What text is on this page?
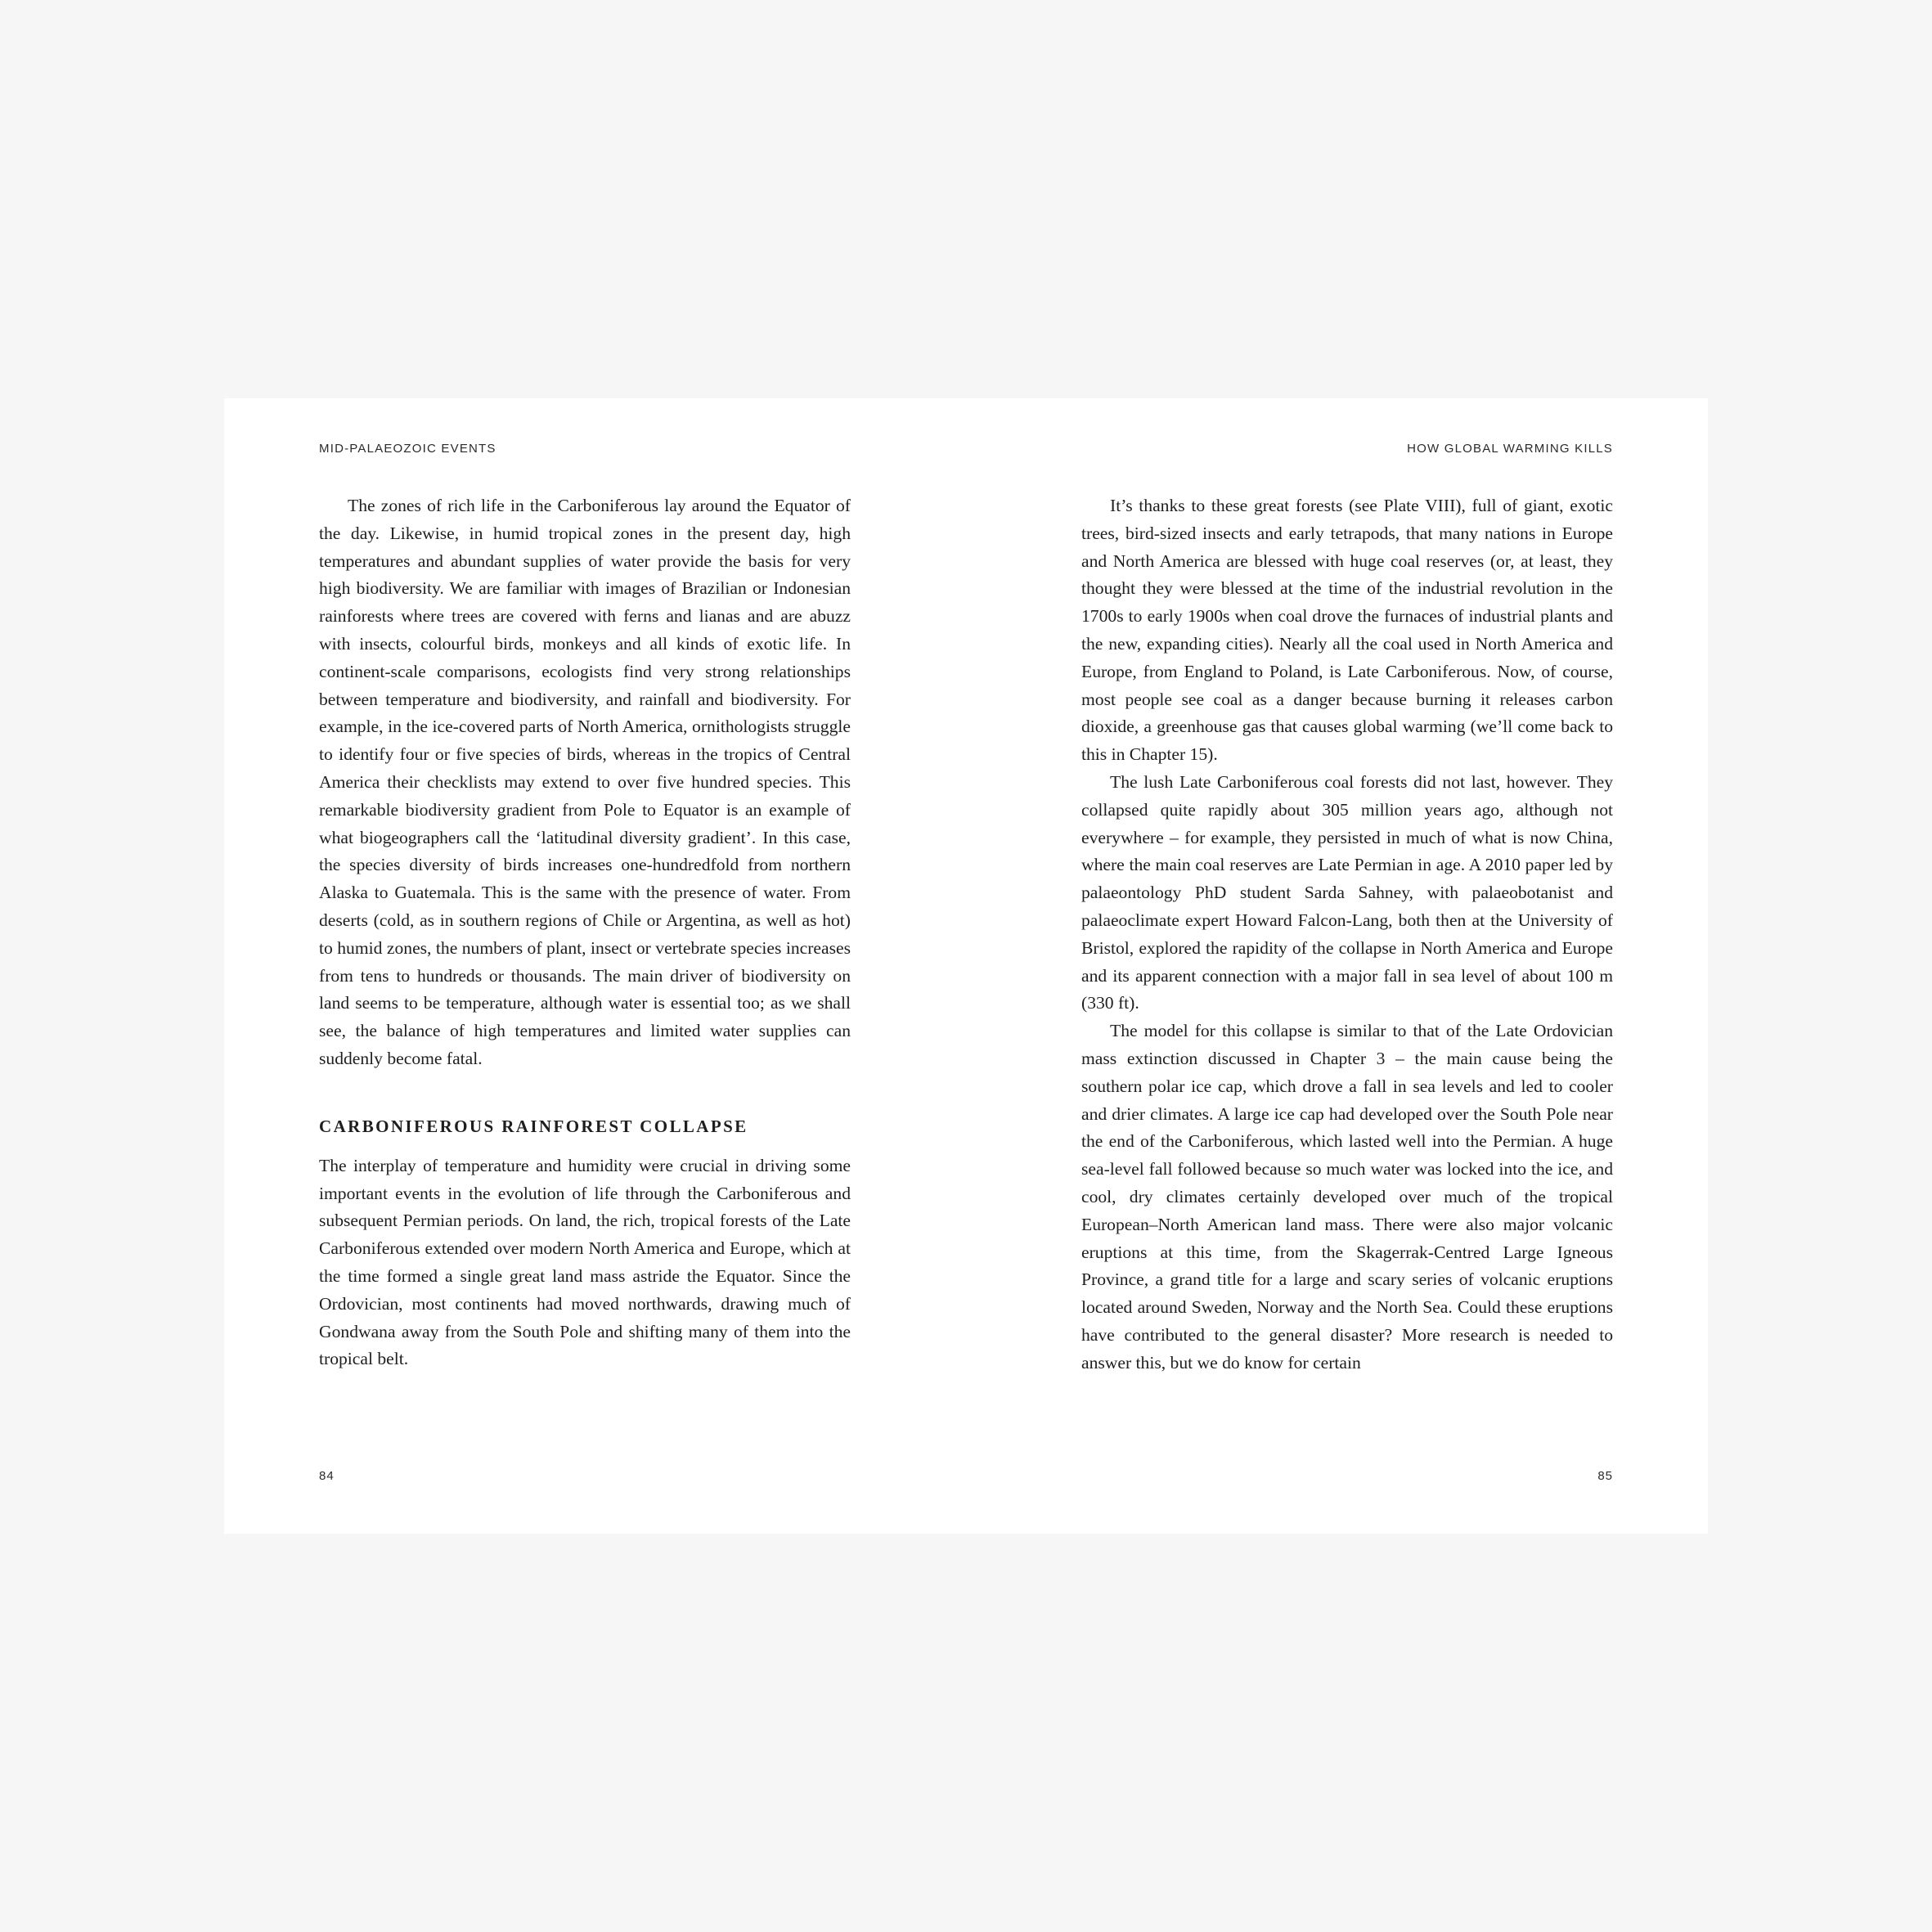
MID-PALAEOZOIC EVENTS

The zones of rich life in the Carboniferous lay around the Equator of the day. Likewise, in humid tropical zones in the present day, high temperatures and abundant supplies of water provide the basis for very high biodiversity. We are familiar with images of Brazilian or Indonesian rainforests where trees are covered with ferns and lianas and are abuzz with insects, colourful birds, monkeys and all kinds of exotic life. In continent-scale comparisons, ecologists find very strong relationships between temperature and biodiversity, and rainfall and biodiversity. For example, in the ice-covered parts of North America, ornithologists struggle to identify four or five species of birds, whereas in the tropics of Central America their checklists may extend to over five hundred species. This remarkable biodiversity gradient from Pole to Equator is an example of what biogeographers call the ‘latitudinal diversity gradient’. In this case, the species diversity of birds increases one-hundredfold from northern Alaska to Guatemala. This is the same with the presence of water. From deserts (cold, as in southern regions of Chile or Argentina, as well as hot) to humid zones, the numbers of plant, insect or vertebrate species increases from tens to hundreds or thousands. The main driver of biodiversity on land seems to be temperature, although water is essential too; as we shall see, the balance of high temperatures and limited water supplies can suddenly become fatal.

CARBONIFEROUS RAINFOREST COLLAPSE

The interplay of temperature and humidity were crucial in driving some important events in the evolution of life through the Carboniferous and subsequent Permian periods. On land, the rich, tropical forests of the Late Carboniferous extended over modern North America and Europe, which at the time formed a single great land mass astride the Equator. Since the Ordovician, most continents had moved northwards, drawing much of Gondwana away from the South Pole and shifting many of them into the tropical belt.

84
HOW GLOBAL WARMING KILLS

It’s thanks to these great forests (see Plate VIII), full of giant, exotic trees, bird-sized insects and early tetrapods, that many nations in Europe and North America are blessed with huge coal reserves (or, at least, they thought they were blessed at the time of the industrial revolution in the 1700s to early 1900s when coal drove the furnaces of industrial plants and the new, expanding cities). Nearly all the coal used in North America and Europe, from England to Poland, is Late Carboniferous. Now, of course, most people see coal as a danger because burning it releases carbon dioxide, a greenhouse gas that causes global warming (we’ll come back to this in Chapter 15).

The lush Late Carboniferous coal forests did not last, however. They collapsed quite rapidly about 305 million years ago, although not everywhere – for example, they persisted in much of what is now China, where the main coal reserves are Late Permian in age. A 2010 paper led by palaeontology PhD student Sarda Sahney, with palaeobotanist and palaeoclimate expert Howard Falcon-Lang, both then at the University of Bristol, explored the rapidity of the collapse in North America and Europe and its apparent connection with a major fall in sea level of about 100 m (330 ft).

The model for this collapse is similar to that of the Late Ordovician mass extinction discussed in Chapter 3 – the main cause being the southern polar ice cap, which drove a fall in sea levels and led to cooler and drier climates. A large ice cap had developed over the South Pole near the end of the Carboniferous, which lasted well into the Permian. A huge sea-level fall followed because so much water was locked into the ice, and cool, dry climates certainly developed over much of the tropical European–North American land mass. There were also major volcanic eruptions at this time, from the Skagerrak-Centred Large Igneous Province, a grand title for a large and scary series of volcanic eruptions located around Sweden, Norway and the North Sea. Could these eruptions have contributed to the general disaster? More research is needed to answer this, but we do know for certain

85
